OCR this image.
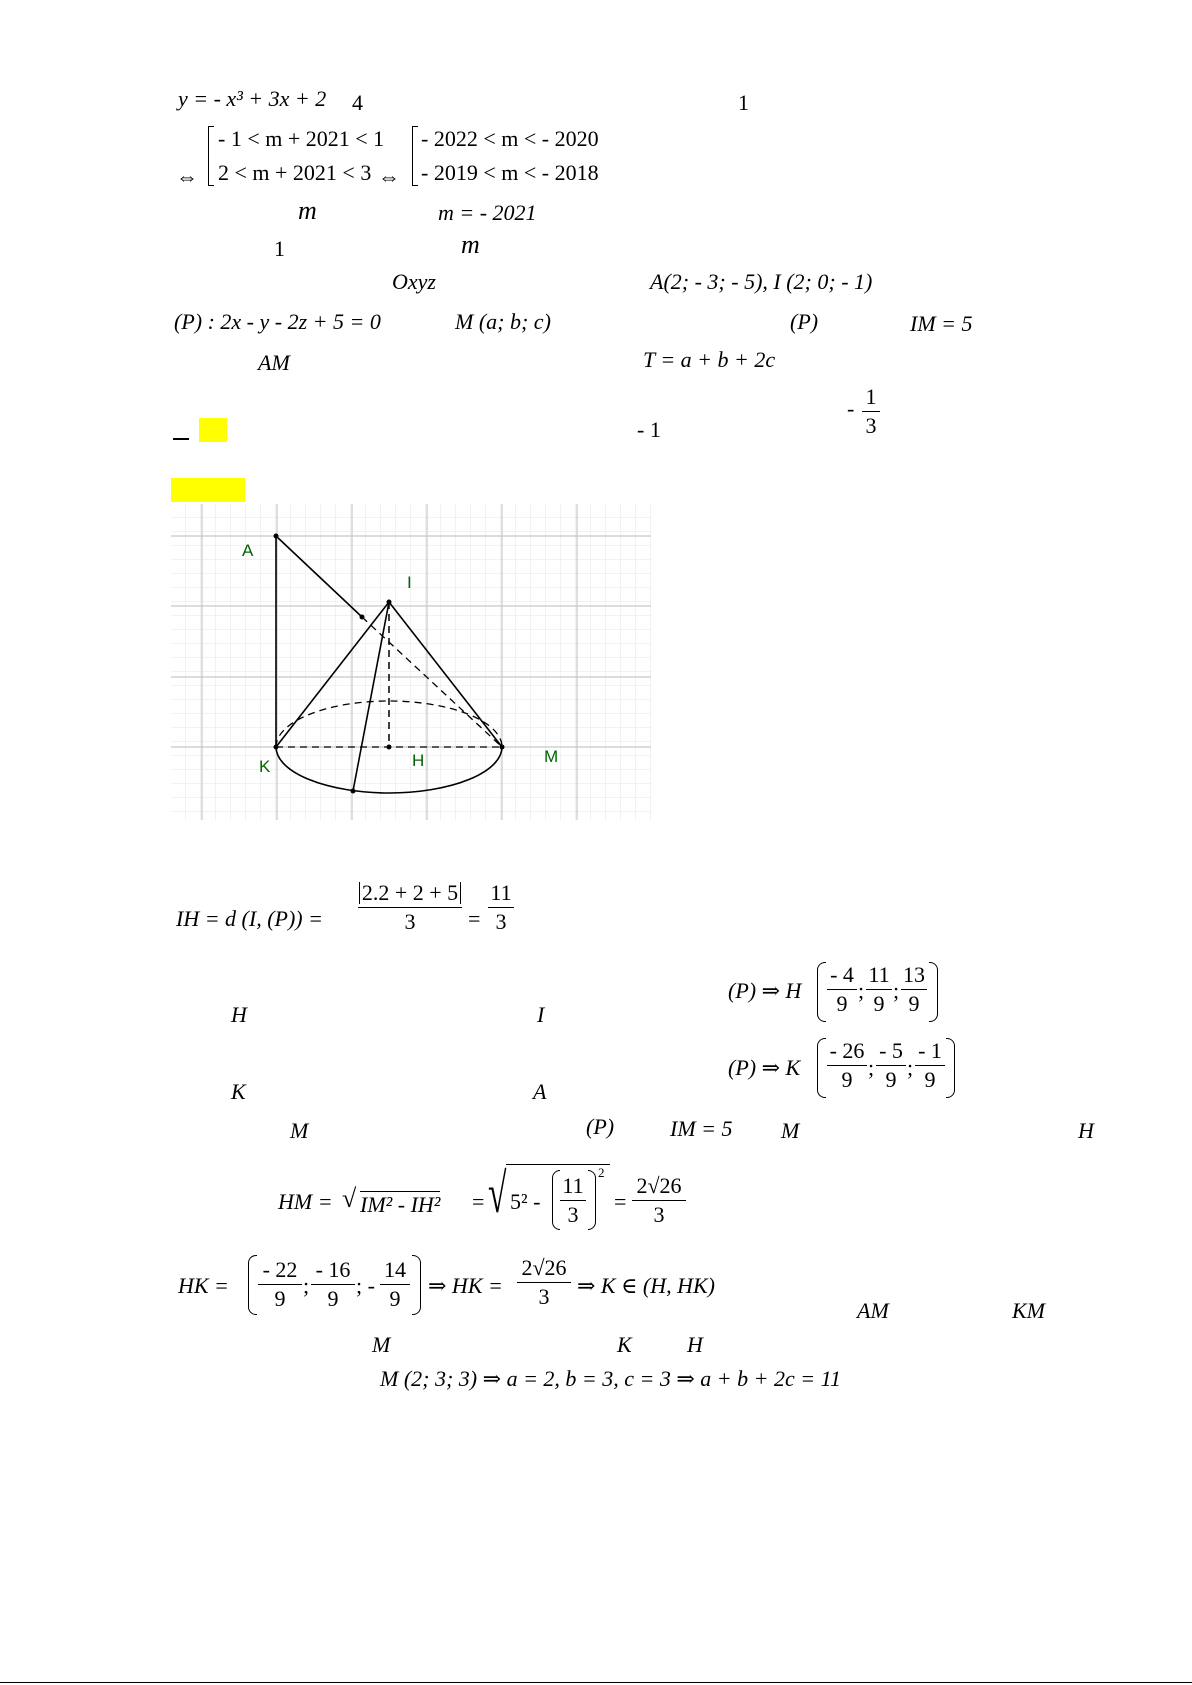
y = - x³ + 3x + 2 4	1
⇔
- 1 < m + 2021 < 1
2 < m + 2021 < 3 ⇔
- 2022 < m < - 2020
- 2019 < m < - 2018
m	m = - 2021
1	m
Oxyz	A(2; - 3; - 5), I (2; 0; - 1)
(P) : 2x - y - 2z + 5 = 0	M (a; b; c)	(P)	IM = 5
AM	T = a + b + 2c
- 1
- 1
3
A
I
K	H	M
IH = d (I, (P)) =
2.2 + 2 + 5
3	=
11
3
H	I
(P) ⇒ H
- 4
9
;
11
9
;
13
9
K	A
(P) ⇒ K
- 26
9 ;
- 5
9 ;
- 1
9
M	(P)	IM = 5 M	H
HM = √ IM² - IH² = √ 5² -
11
3
2
=
2√26
3
HK =
- 22
9
;
- 16
9
; -
14
9
⇒ HK =
2√26
3	⇒ K ∈ (H, HK)
AM	KM
M	K	H
M (2; 3; 3) ⇒ a = 2, b = 3, c = 3 ⇒ a + b + 2c = 11
